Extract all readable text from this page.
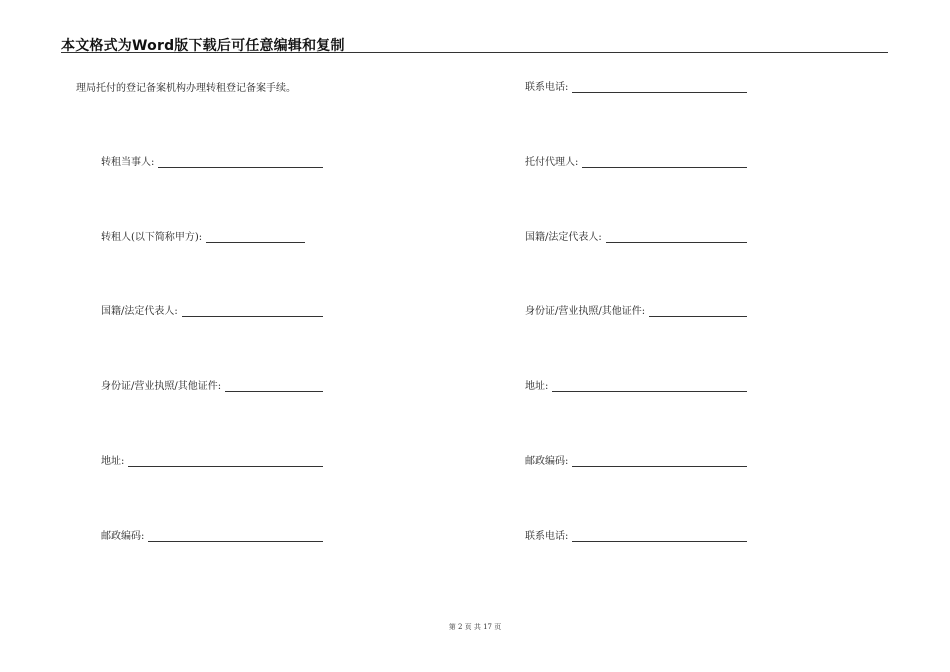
本文格式为Word版下载后可任意编辑和复制
理局托付的登记备案机构办理转租登记备案手续。	联系电话:
托付代理人:
国籍/法定代表人:
身份证/营业执照/其他证件:
地址:
邮政编码:
联系电话:
转租当事人:
转租人(以下简称甲方):
国籍/法定代表人:
身份证/营业执照/其他证件:
地址:
邮政编码:
第 2 页 共 17 页
